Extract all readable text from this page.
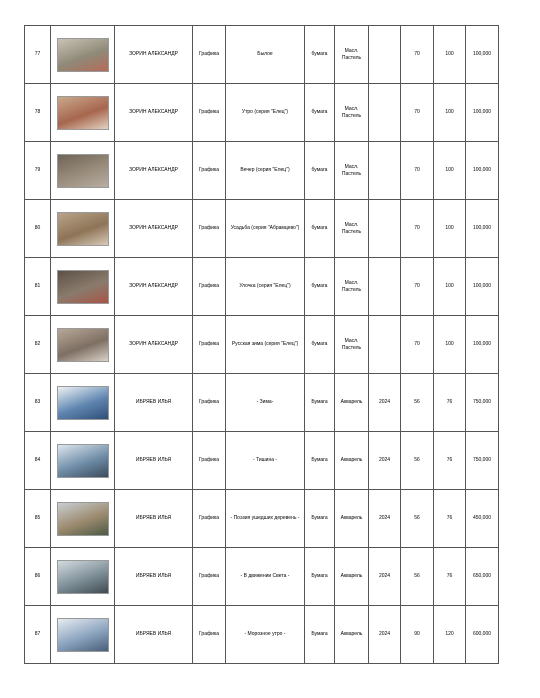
77		ЗОРИН АЛЕКСАНДР	Графика	Былое	бумага	Масл. Пастель		70	100	100,000
78		ЗОРИН АЛЕКСАНДР	Графика	Утро (серия "Елец")	бумага	Масл. Пастель		70	100	100,000
79		ЗОРИН АЛЕКСАНДР	Графика	Вечер (серия "Елец")	бумага	Масл. Пастель		70	100	100,000
80		ЗОРИН АЛЕКСАНДР	Графика	Усадьба (серия "Абрамцево")	бумага	Масл. Пастель		70	100	100,000
81		ЗОРИН АЛЕКСАНДР	Графика	Улочка (серия "Елец")	бумага	Масл. Пастель		70	100	100,000
82		ЗОРИН АЛЕКСАНДР	Графика	Русская зима (серия "Елец")	бумага	Масл. Пастель		70	100	100,000
83		ИБРЯЕВ ИЛЬЯ	Графика	- Зима-	Бумага	Акварель	2024	56	76	750,000
84		ИБРЯЕВ ИЛЬЯ	Графика	- Тишина -	Бумага	Акварель	2024	56	76	750,000
85		ИБРЯЕВ ИЛЬЯ	Графика	- Поэзия ушедших деревень -	Бумага	Акварель	2024	56	76	450,000
86		ИБРЯЕВ ИЛЬЯ	Графика	- В движении Света -	Бумага	Акварель	2024	56	76	650,000
87		ИБРЯЕВ ИЛЬЯ	Графика	- Морозное утро -	Бумага	Акварель	2024	90	120	600,000
